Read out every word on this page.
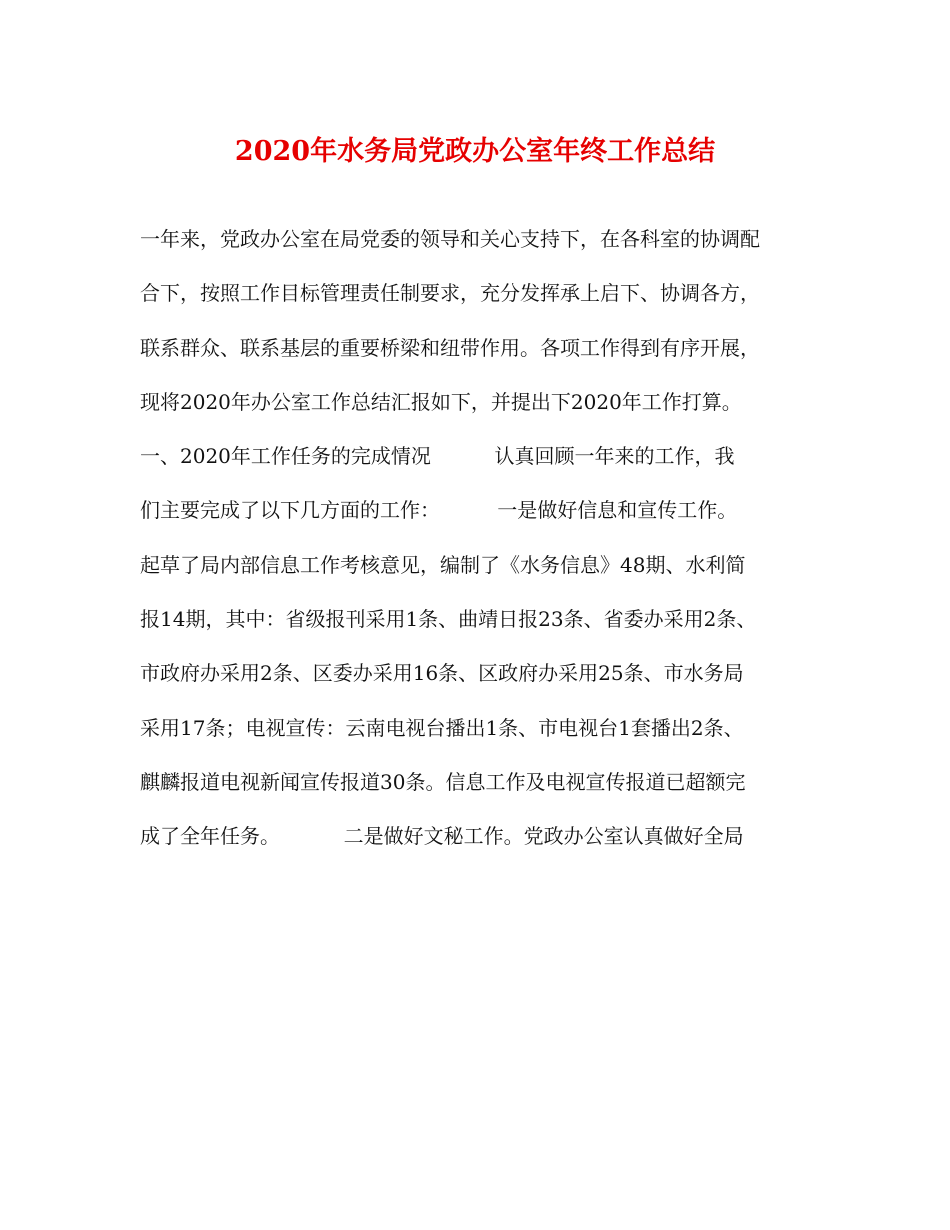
2020年水务局党政办公室年终工作总结
一年来，党政办公室在局党委的领导和关心支持下，在各科室的协调配
合下，按照工作目标管理责任制要求，充分发挥承上启下、协调各方，
联系群众、联系基层的重要桥梁和纽带作用。各项工作得到有序开展，
现将2020年办公室工作总结汇报如下，并提出下2020年工作打算。
一、2020年工作任务的完成情况          认真回顾一年来的工作，我
们主要完成了以下几方面的工作：         一是做好信息和宣传工作。
起草了局内部信息工作考核意见，编制了《水务信息》48期、水利简
报14期，其中：省级报刊采用1条、曲靖日报23条、省委办采用2条、
市政府办采用2条、区委办采用16条、区政府办采用25条、市水务局
采用17条；电视宣传：云南电视台播出1条、市电视台1套播出2条、
麒麟报道电视新闻宣传报道30条。信息工作及电视宣传报道已超额完
成了全年任务。          二是做好文秘工作。党政办公室认真做好全局
